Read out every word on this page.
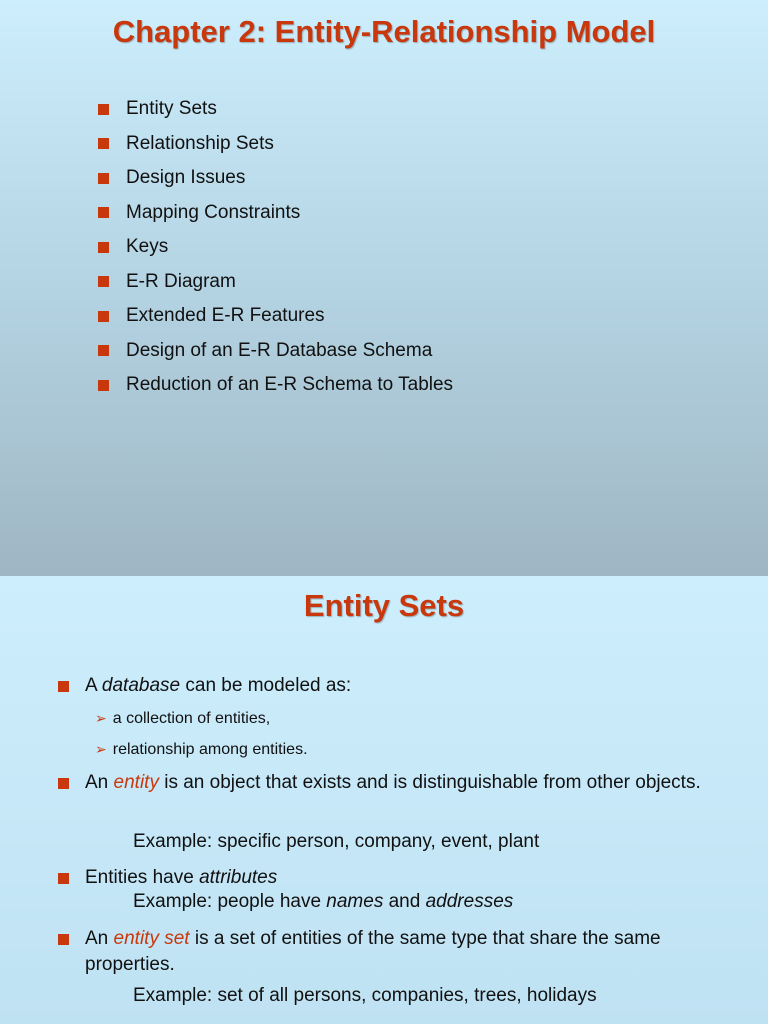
Chapter 2: Entity-Relationship Model
Entity Sets
Relationship Sets
Design Issues
Mapping Constraints
Keys
E-R Diagram
Extended E-R Features
Design of an E-R Database Schema
Reduction of an E-R Schema to Tables
Entity Sets
A database can be modeled as:
➢ a collection of entities,
➢ relationship among entities.
An entity is an object that exists and is distinguishable from other objects.
Example: specific person, company, event, plant
Entities have attributes
Example: people have names and addresses
An entity set is a set of entities of the same type that share the same properties.
Example: set of all persons, companies, trees, holidays
